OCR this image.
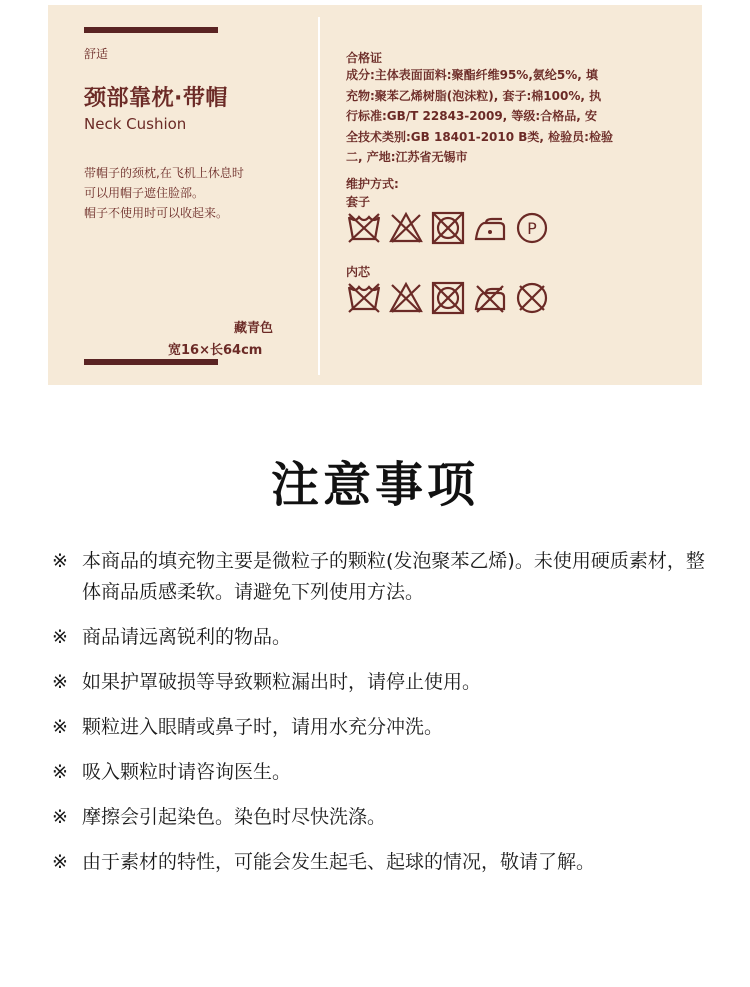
舒适
颈部靠枕·带帽
Neck Cushion
带帽子的颈枕,在飞机上休息时
可以用帽子遮住脸部。
帽子不使用时可以收起来。
藏青色
宽16×长64cm
合格证
成分:主体表面面料:聚酯纤维95%,氨纶5%, 填
充物:聚苯乙烯树脂(泡沫粒), 套子:棉100%, 执
行标准:GB/T 22843-2009, 等级:合格品, 安
全技术类别:GB 18401-2010 B类, 检验员:检验
二, 产地:江苏省无锡市
维护方式:
套子
P
内芯
注意事项
※ 本商品的填充物主要是微粒子的颗粒(发泡聚苯乙烯)。未使用硬质素材，整体商品质感柔软。请避免下列使用方法。
※ 商品请远离锐利的物品。
※ 如果护罩破损等导致颗粒漏出时，请停止使用。
※ 颗粒进入眼睛或鼻子时，请用水充分冲洗。
※ 吸入颗粒时请咨询医生。
※ 摩擦会引起染色。染色时尽快洗涤。
※ 由于素材的特性，可能会发生起毛、起球的情况，敬请了解。
